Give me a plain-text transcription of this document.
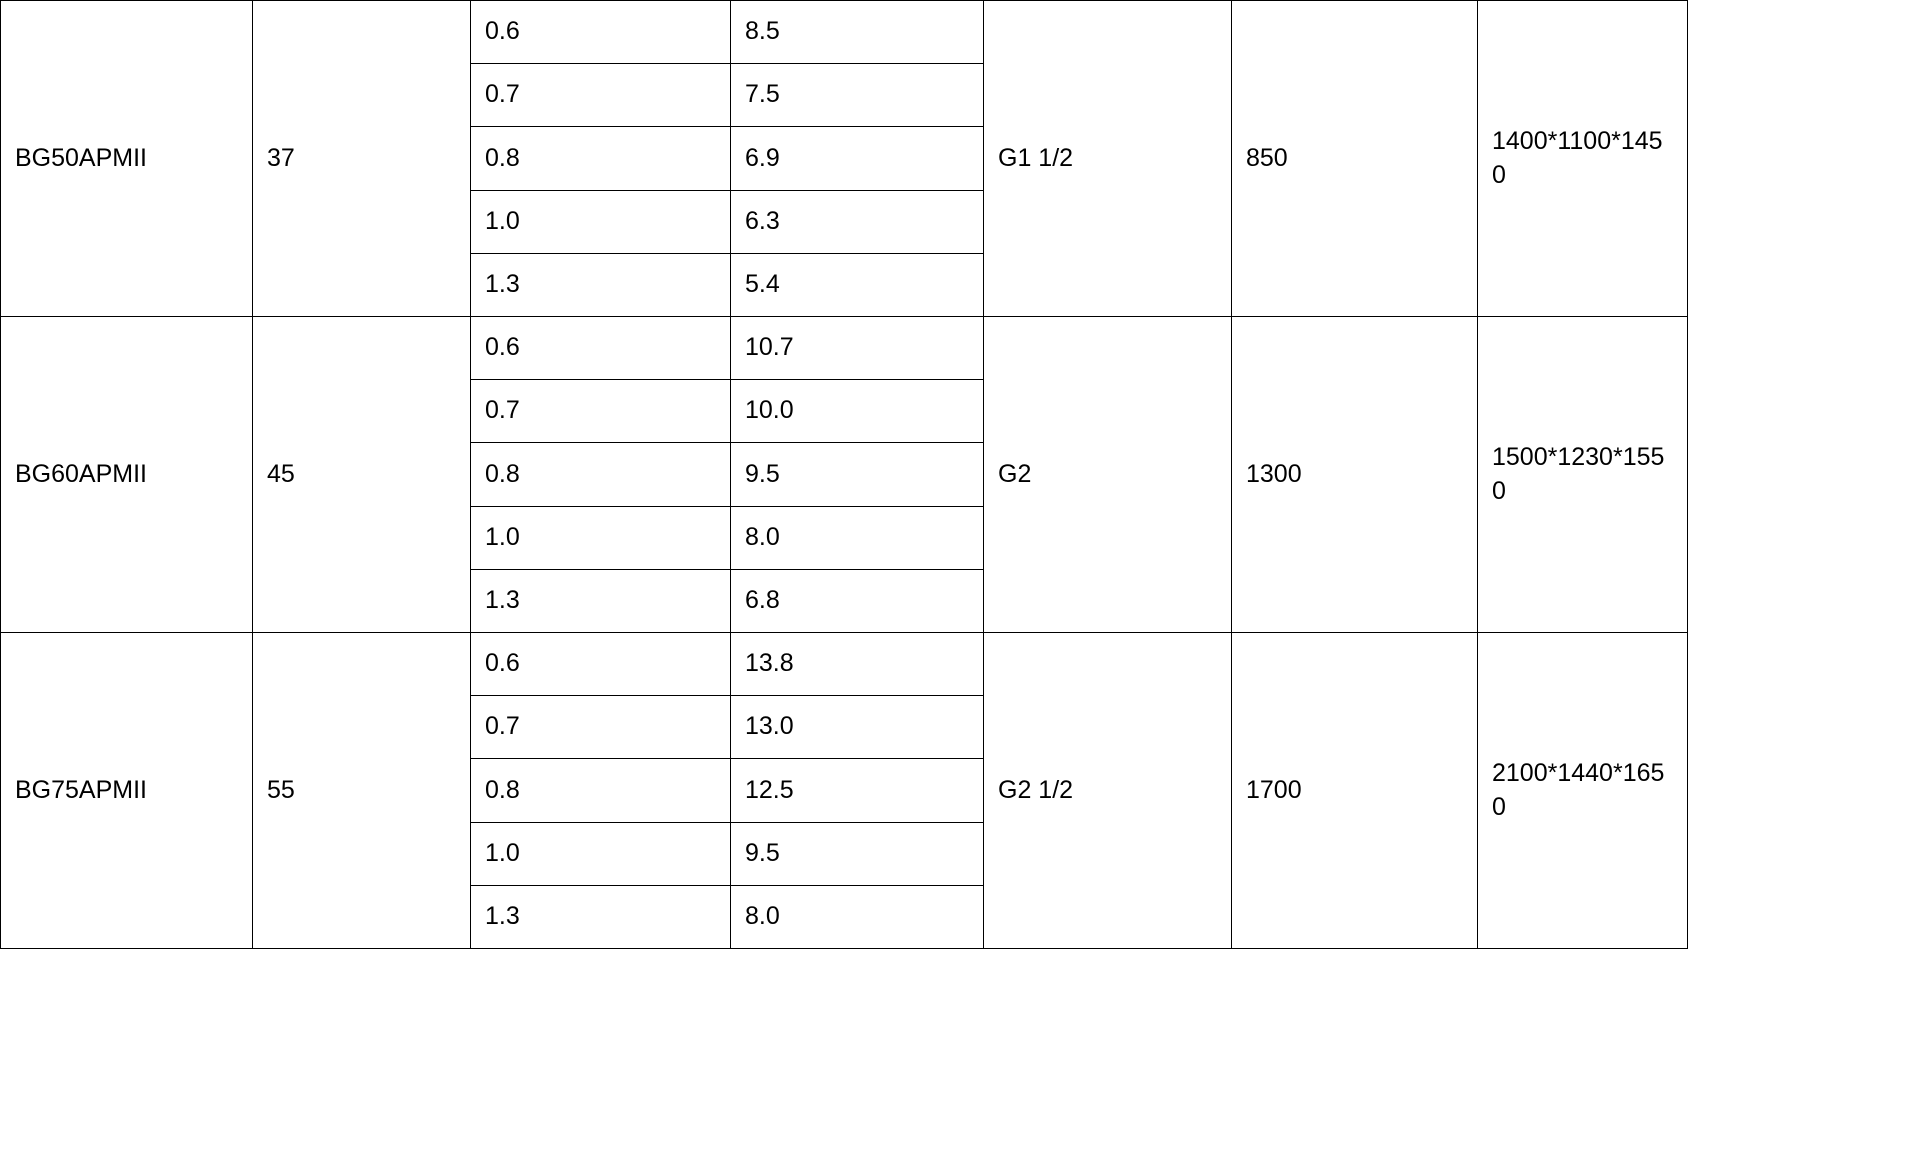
BG50APMII	37	0.6	8.5	G1 1/2	850	1400*1100*1450
		0.7	7.5			
		0.8	6.9			
		1.0	6.3			
		1.3	5.4			
BG60APMII	45	0.6	10.7	G2	1300	1500*1230*1550
		0.7	10.0			
		0.8	9.5			
		1.0	8.0			
		1.3	6.8			
BG75APMII	55	0.6	13.8	G2 1/2	1700	2100*1440*1650
		0.7	13.0			
		0.8	12.5			
		1.0	9.5			
		1.3	8.0			
